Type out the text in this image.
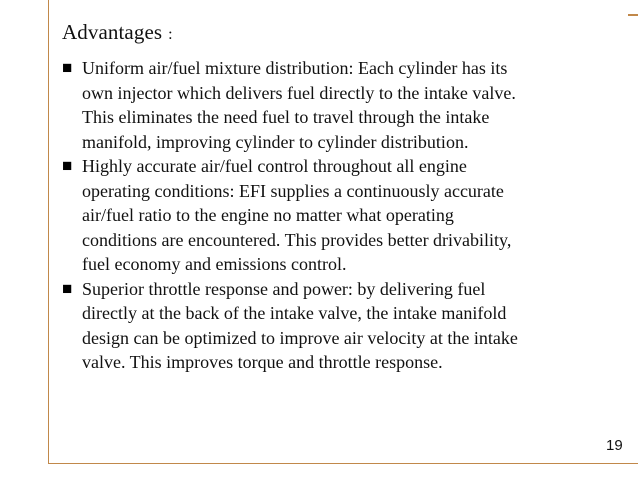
Advantages :
■ Uniform air/fuel mixture distribution: Each cylinder has its
own injector which delivers fuel directly to the intake valve.
This eliminates the need fuel to travel through the intake
manifold, improving cylinder to cylinder distribution.
■ Highly accurate air/fuel control throughout all engine
operating conditions: EFI supplies a continuously accurate
air/fuel ratio to the engine no matter what operating
conditions are encountered. This provides better drivability,
fuel economy and emissions control.
■ Superior throttle response and power: by delivering fuel
directly at the back of the intake valve, the intake manifold
design can be optimized to improve air velocity at the intake
valve. This improves torque and throttle response.
19
